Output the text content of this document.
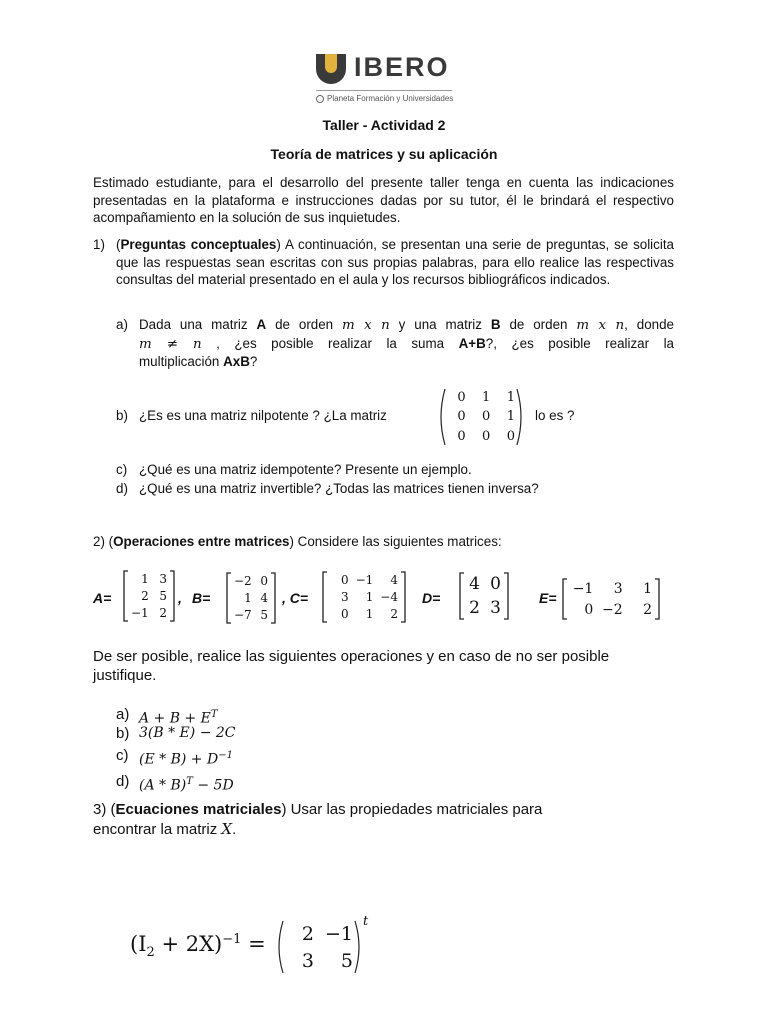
IBERO
Planeta Formación y Universidades
Taller - Actividad 2
Teoría de matrices y su aplicación
Estimado estudiante, para el desarrollo del presente taller tenga en cuenta las indicaciones presentadas en la plataforma e instrucciones dadas por su tutor, él le brindará el respectivo acompañamiento en la solución de sus inquietudes.
1) (Preguntas conceptuales) A continuación, se presentan una serie de preguntas, se solicita que las respuestas sean escritas con sus propias palabras, para ello realice las respectivas consultas del material presentado en el aula y los recursos bibliográficos indicados.
a) Dada una matriz A de orden m x n y una matriz B de orden m x n, donde
m ≠ n , ¿es posible realizar la suma A+B?, ¿es posible realizar la
multiplicación AxB?
b) ¿Es es una matriz nilpotente ? ¿La matriz
0	1	1
0	0	1
0	0	0
lo es ?
c) ¿Qué es una matriz idempotente? Presente un ejemplo.
d) ¿Qué es una matriz invertible? ¿Todas las matrices tienen inversa?
2) (Operaciones entre matrices) Considere las siguientes matrices:
A=
1 3
2 5
−1 2
, B=
−2 0
1 4
−7 5
, C=
0 −1	4
3	1 −4
0	1	2
D=
4 0
2 3	E=
−1	3	1
0 −2	2
De ser posible, realice las siguientes operaciones y en caso de no ser posible justifique.
a) $A + B + E^T$
b) 3(B * E) − 2C
c) $(E * B) + D^{-1}$
d) (A * B)$^T$ − 5D
3) (Ecuaciones matriciales) Usar las propiedades matriciales para
encontrar la matriz X.
$(I_2 + 2X)^{-1}$ =	2 −1
3	5
t
